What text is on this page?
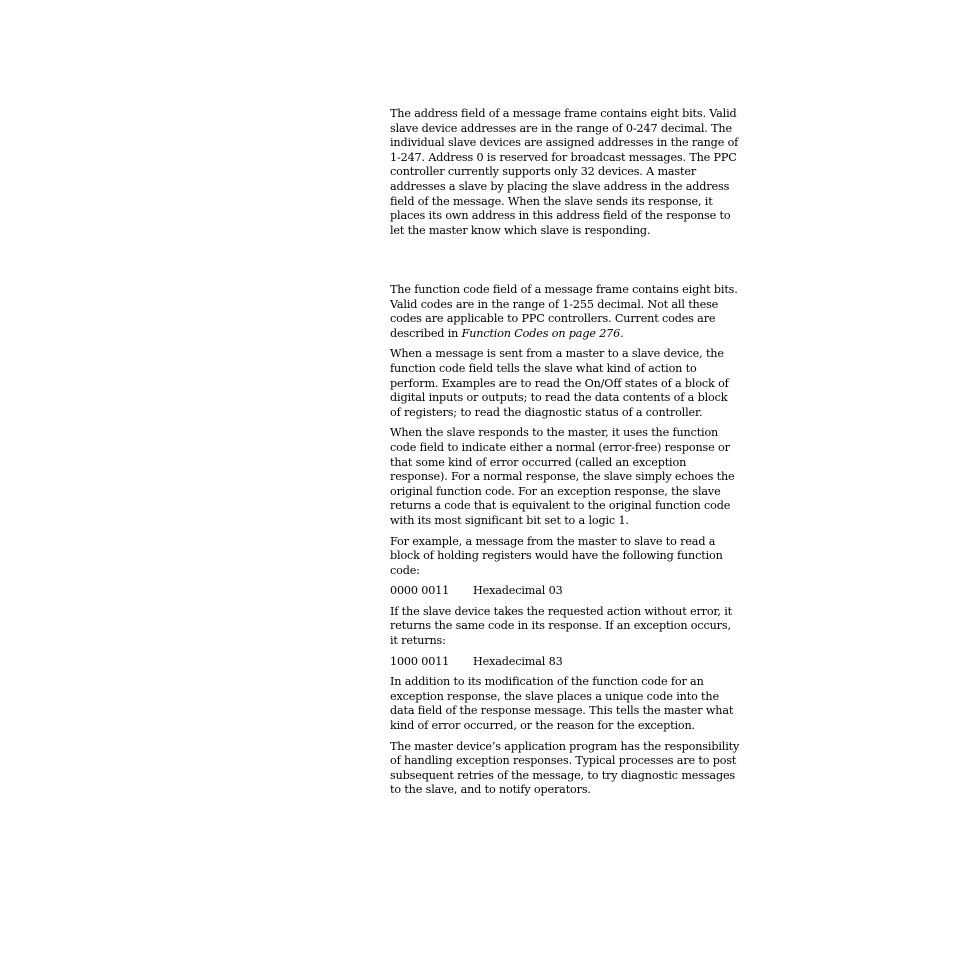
The address field of a message frame contains eight bits. Valid slave device addresses are in the range of 0-247 decimal. The individual slave devices are assigned addresses in the range of 1-247. Address 0 is reserved for broadcast messages. The PPC controller currently supports only 32 devices. A master addresses a slave by placing the slave address in the address field of the message. When the slave sends its response, it places its own address in this address field of the response to let the master know which slave is responding.

The function code field of a message frame contains eight bits. Valid codes are in the range of 1-255 decimal. Not all these codes are applicable to PPC controllers. Current codes are described in Function Codes on page 276.

When a message is sent from a master to a slave device, the function code field tells the slave what kind of action to perform. Examples are to read the On/Off states of a block of digital inputs or outputs; to read the data contents of a block of registers; to read the diagnostic status of a controller.

When the slave responds to the master, it uses the function code field to indicate either a normal (error-free) response or that some kind of error occurred (called an exception response). For a normal response, the slave simply echoes the original function code. For an exception response, the slave returns a code that is equivalent to the original function code with its most significant bit set to a logic 1.

For example, a message from the master to slave to read a block of holding registers would have the following function code:

0000 0011	Hexadecimal 03

If the slave device takes the requested action without error, it returns the same code in its response. If an exception occurs, it returns:

1000 0011	Hexadecimal 83

In addition to its modification of the function code for an exception response, the slave places a unique code into the data field of the response message. This tells the master what kind of error occurred, or the reason for the exception.

The master device’s application program has the responsibility of handling exception responses. Typical processes are to post subsequent retries of the message, to try diagnostic messages to the slave, and to notify operators.
